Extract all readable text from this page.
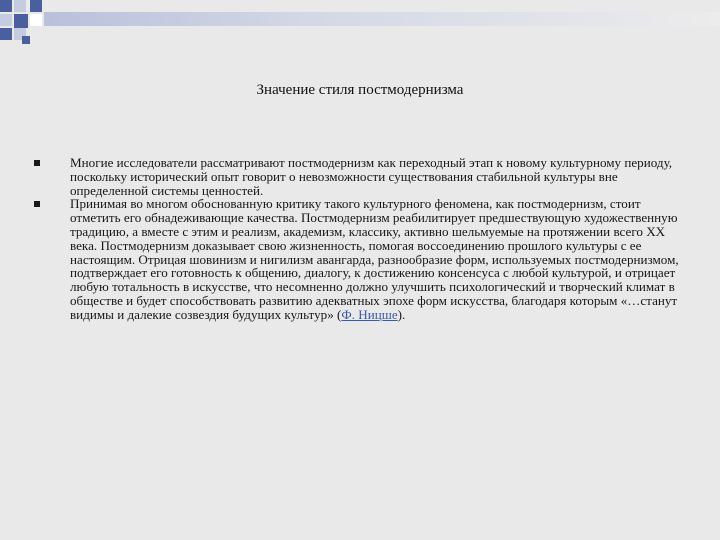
Значение стиля постмодернизма

Многие исследователи рассматривают постмодернизм как переходный этап к новому культурному периоду, поскольку исторический опыт говорит о невозможности существования стабильной культуры вне определенной системы ценностей.

Принимая во многом обоснованную критику такого культурного феномена, как постмодернизм, стоит отметить его обнадеживающие качества. Постмодернизм реабилитирует предшествующую художественную традицию, а вместе с этим и реализм, академизм, классику, активно шельмуемые на протяжении всего XX века. Постмодернизм доказывает свою жизненность, помогая воссоединению прошлого культуры с ее настоящим. Отрицая шовинизм и нигилизм авангарда, разнообразие форм, используемых постмодернизмом, подтверждает его готовность к общению, диалогу, к достижению консенсуса с любой культурой, и отрицает любую тотальность в искусстве, что несомненно должно улучшить психологический и творческий климат в обществе и будет способствовать развитию адекватных эпохе форм искусства, благодаря которым «…станут видимы и далекие созвездия будущих культур» (Ф. Ницше).
